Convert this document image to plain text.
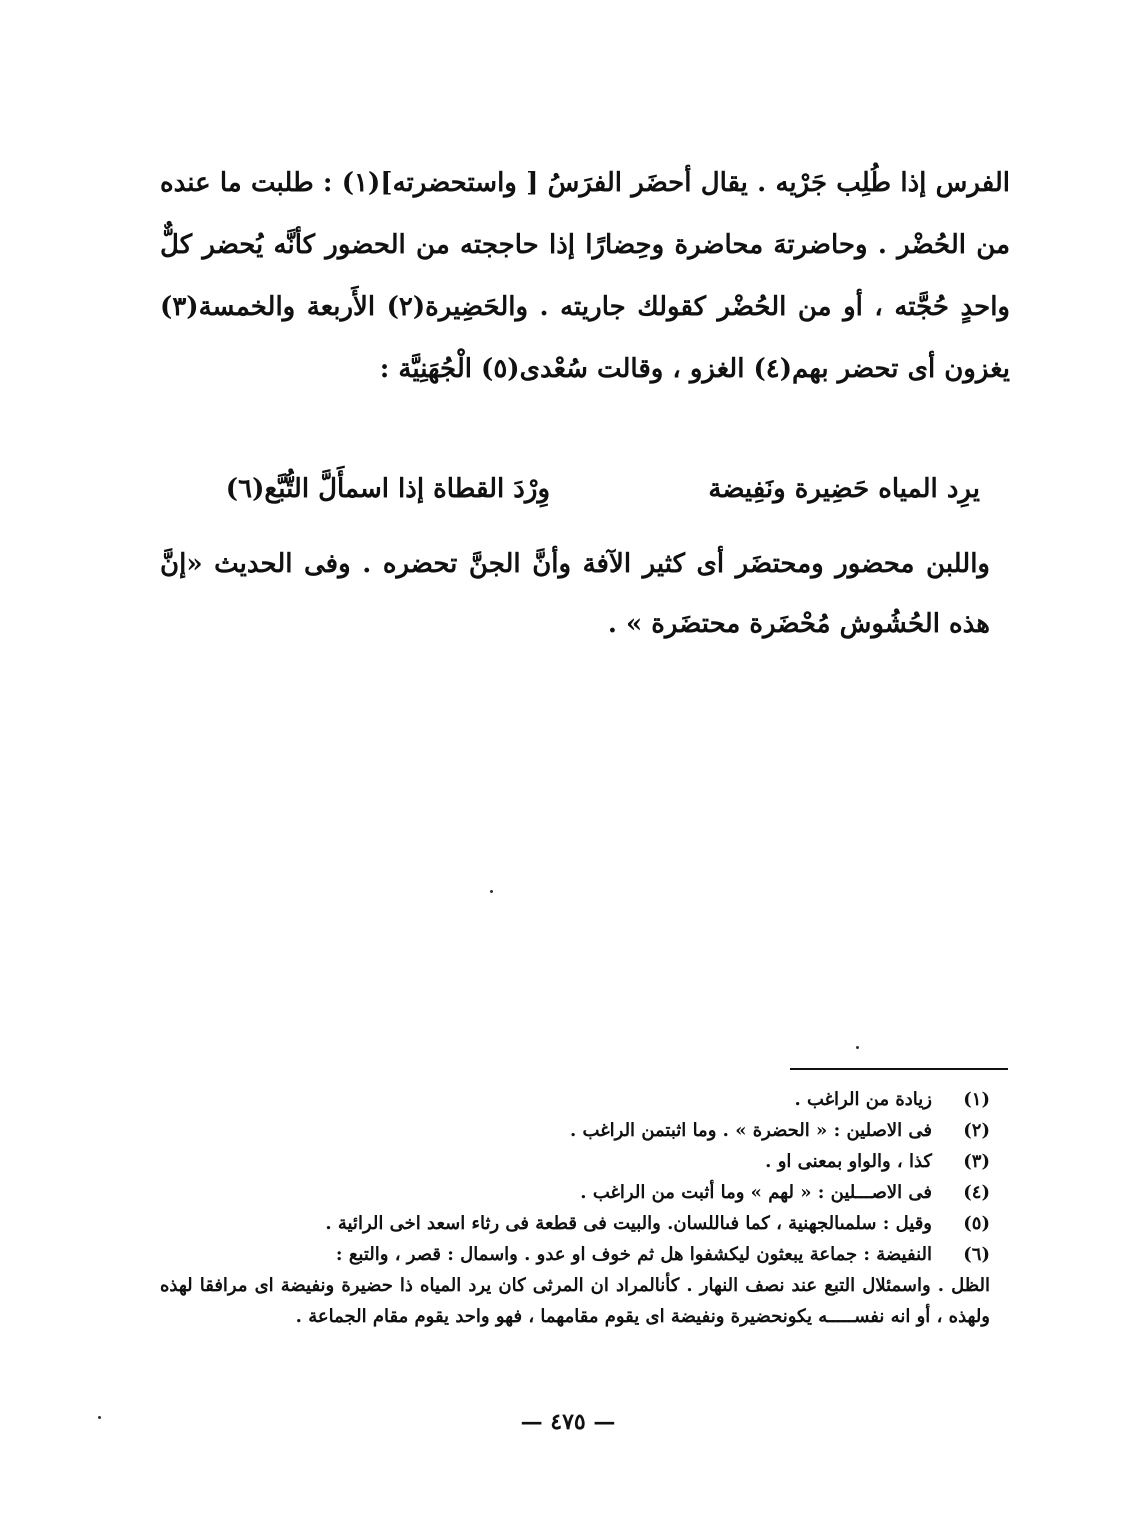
الفرس إذا طُلِب جَرْيه . يقال أحضَر الفرَسُ [ واستحضرته](١) : طلبت ما عنده من الحُضْر . وحاضرتهَ محاضرة وحِضارًا إذا حاججته من الحضور كأنَّه يُحضر كلٌّ واحدٍ حُجَّته ، أو من الحُضْر كقولك جاريته . والحَضِيرة(٢) الأَربعة والخمسة(٣) يغزون أى تحضر بهم(٤) الغزو ، وقالت سُعْدى(٥) الْجُهَنِيَّة :

يرِد المياه حَضِيرة ونَفِيضة
وِرْدَ القطاة إذا اسمأَلَّ التُّبَّع(٦)

واللبن محضور ومحتضَر أى كثير الآفة وأنَّ الجنَّ تحضره . وفى الحديث «إنَّ هذه الحُشُوش مُحْضَرة محتضَرة » .

(١)
زيادة من الراغب .
(٢)
فى الاصلين : « الحضرة » . وما اثبتمن الراغب .
(٣)
كذا ، والواو بمعنى او .
(٤)
فى الاصـــلين : « لهم » وما أثبت من الراغب .
(٥)
وقيل : سلمىالجهنية ، كما فىاللسان. والبيت فى قطعة فى رثاء اسعد اخى الرائية .
(٦)
النفيضة : جماعة يبعثون ليكشفوا هل ثم خوف او عدو . واسمال : قصر ، والتبع :
الظل . واسمئلال التبع عند نصف النهار . كأنالمراد ان المرثى كان يرد المياه ذا حضيرة ونفيضة اى مرافقا لهذه ولهذه ، أو انه نفســـــه يكونحضيرة ونفيضة اى يقوم مقامهما ، فهو واحد يقوم مقام الجماعة .
— ٤٧٥ —
